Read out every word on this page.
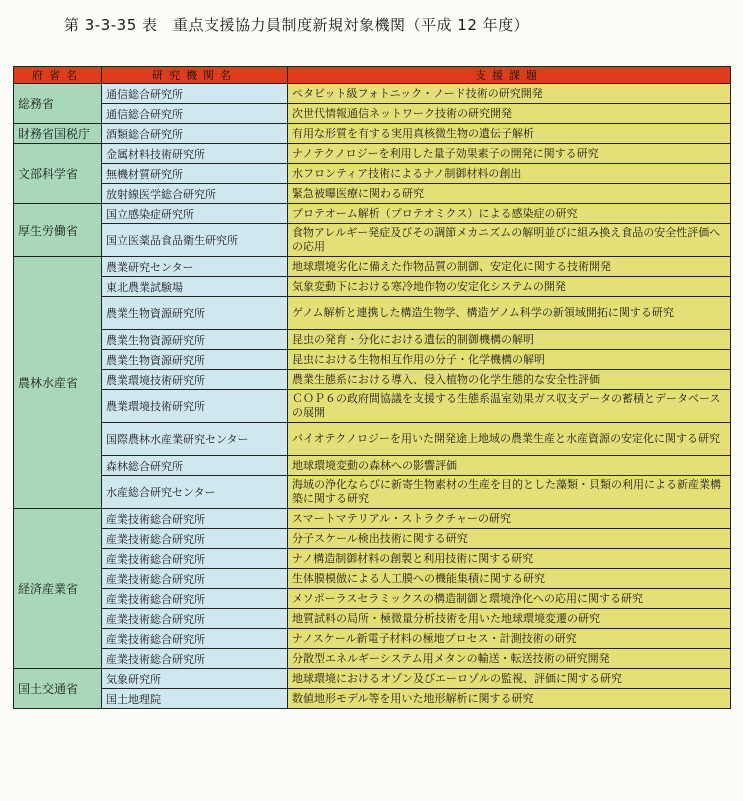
第 3-3-35 表　重点支援協力員制度新規対象機関（平成 12 年度）
府省名	研究機関名	支援課題
総務省	通信総合研究所	ペタビット級フォトニック・ノード技術の研究開発
	通信総合研究所	次世代情報通信ネットワーク技術の研究開発
財務省国税庁	酒類総合研究所	有用な形質を有する実用真核微生物の遺伝子解析
文部科学省	金属材料技術研究所	ナノテクノロジーを利用した量子効果素子の開発に関する研究
	無機材質研究所	水フロンティア技術によるナノ制御材料の創出
	放射線医学総合研究所	緊急被曝医療に関わる研究
厚生労働省	国立感染症研究所	プロテオーム解析（プロテオミクス）による感染症の研究
	国立医薬品食品衛生研究所	食物アレルギー発症及びその調節メカニズムの解明並びに組み換え食品の安全性評価への応用
農林水産省	農業研究センター	地球環境劣化に備えた作物品質の制御、安定化に関する技術開発
	東北農業試験場	気象変動下における寒冷地作物の安定化システムの開発
	農業生物資源研究所	ゲノム解析と連携した構造生物学、構造ゲノム科学の新領域開拓に関する研究
	農業生物資源研究所	昆虫の発育・分化における遺伝的制御機構の解明
	農業生物資源研究所	昆虫における生物相互作用の分子・化学機構の解明
	農業環境技術研究所	農業生態系における導入、侵入植物の化学生態的な安全性評価
	農業環境技術研究所	ＣＯＰ６の政府間協議を支援する生態系温室効果ガス収支データの蓄積とデータベースの展開
	国際農林水産業研究センター	バイオテクノロジーを用いた開発途上地域の農業生産と水産資源の安定化に関する研究
	森林総合研究所	地球環境変動の森林への影響評価
	水産総合研究センター	海域の浄化ならびに新寄生物素材の生産を目的とした藻類・貝類の利用による新産業構築に関する研究
経済産業省	産業技術総合研究所	スマートマテリアル・ストラクチャーの研究
	産業技術総合研究所	分子スケール検出技術に関する研究
	産業技術総合研究所	ナノ構造制御材料の創製と利用技術に関する研究
	産業技術総合研究所	生体膜模倣による人工膜への機能集積に関する研究
	産業技術総合研究所	メソポーラスセラミックスの構造制御と環境浄化への応用に関する研究
	産業技術総合研究所	地質試料の局所・極微量分析技術を用いた地球環境変遷の研究
	産業技術総合研究所	ナノスケール新電子材料の極地プロセス・計測技術の研究
	産業技術総合研究所	分散型エネルギーシステム用メタンの輸送・転送技術の研究開発
国土交通省	気象研究所	地球環境におけるオゾン及びエーロゾルの監視、評価に関する研究
	国土地理院	数値地形モデル等を用いた地形解析に関する研究
